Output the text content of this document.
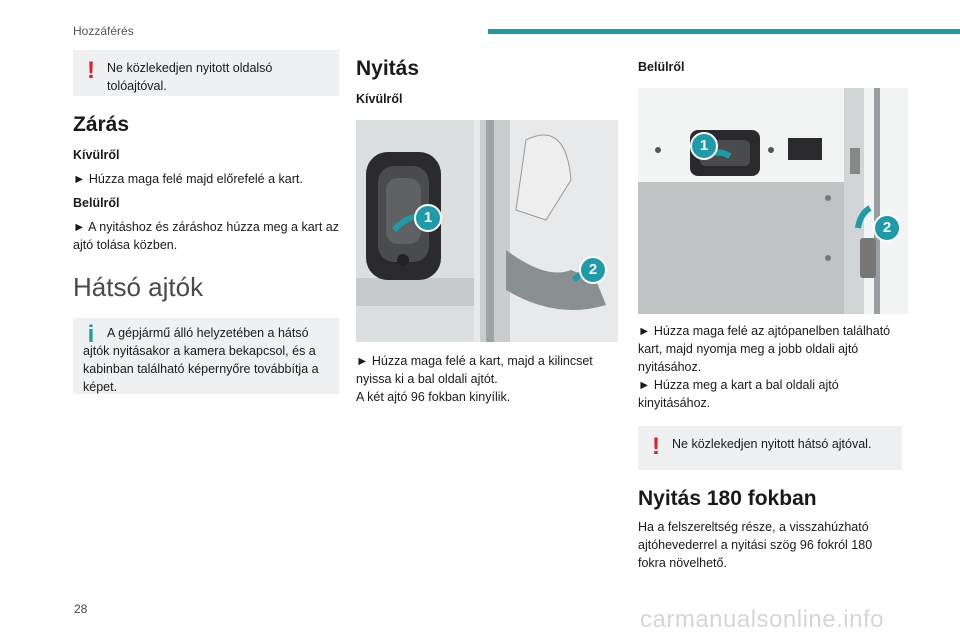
Hozzáférés
! Ne közlekedjen nyitott oldalsó tolóajtóval.

Zárás
Kívülről

► Húzza maga felé majd előrefelé a kart.

Belülről

► A nyitáshoz és záráshoz húzza meg a kart az ajtó tolása közben.

Hátsó ajtók
i	A gépjármű álló helyzetében a hátsó ajtók nyitásakor a kamera bekapcsol, és a kabinban található képernyőre továbbítja a képet.

Nyitás
Kívülről
1
2

► Húzza maga felé a kart, majd a kilincset nyissa ki a bal oldali ajtót.

A két ajtó 96 fokban kinyílik.

Belülről
1
2

► Húzza maga felé az ajtópanelben található kart, majd nyomja meg a jobb oldali ajtó nyitásához.

► Húzza meg a kart a bal oldali ajtó kinyitásához.

! Ne közlekedjen nyitott hátsó ajtóval.

Nyitás 180 fokban

Ha a felszereltség része, a visszahúzható ajtóhevederrel a nyitási szög 96 fokról 180 fokra növelhető.

28	carmanualsonline.info
